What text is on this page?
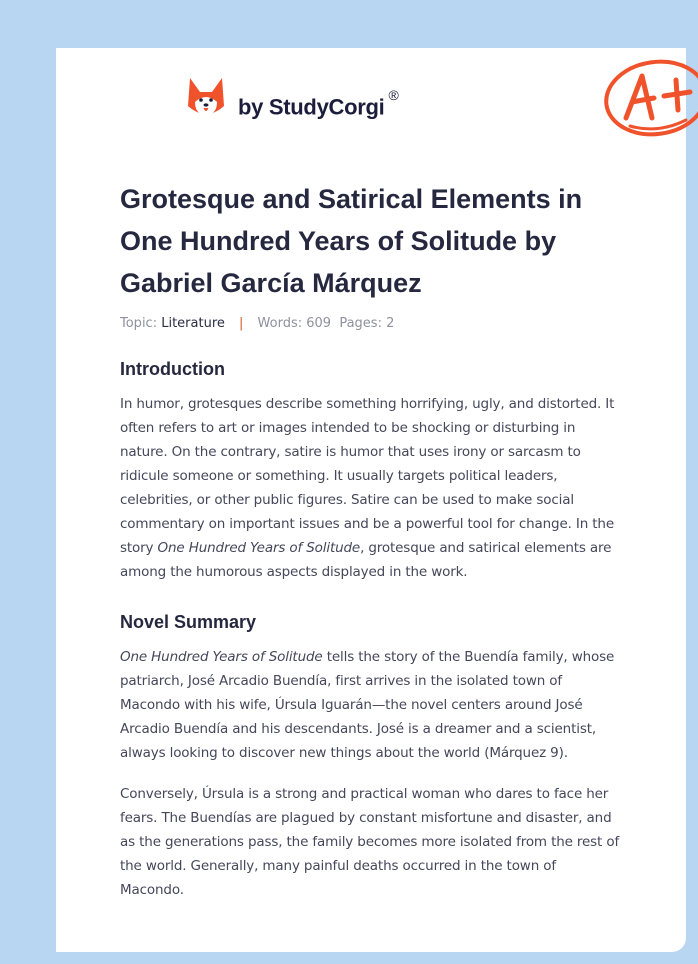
by StudyCorgi ®
Grotesque and Satirical Elements in One Hundred Years of Solitude by Gabriel García Márquez
Topic: Literature | Words: 609 Pages: 2
Introduction

In humor, grotesques describe something horrifying, ugly, and distorted. It often refers to art or images intended to be shocking or disturbing in nature. On the contrary, satire is humor that uses irony or sarcasm to ridicule someone or something. It usually targets political leaders, celebrities, or other public figures. Satire can be used to make social commentary on important issues and be a powerful tool for change. In the story One Hundred Years of Solitude, grotesque and satirical elements are among the humorous aspects displayed in the work.

Novel Summary

One Hundred Years of Solitude tells the story of the Buendía family, whose patriarch, José Arcadio Buendía, first arrives in the isolated town of Macondo with his wife, Úrsula Iguarán—the novel centers around José Arcadio Buendía and his descendants. José is a dreamer and a scientist, always looking to discover new things about the world (Márquez 9).

Conversely, Úrsula is a strong and practical woman who dares to face her fears. The Buendías are plagued by constant misfortune and disaster, and as the generations pass, the family becomes more isolated from the rest of the world. Generally, many painful deaths occurred in the town of Macondo.
